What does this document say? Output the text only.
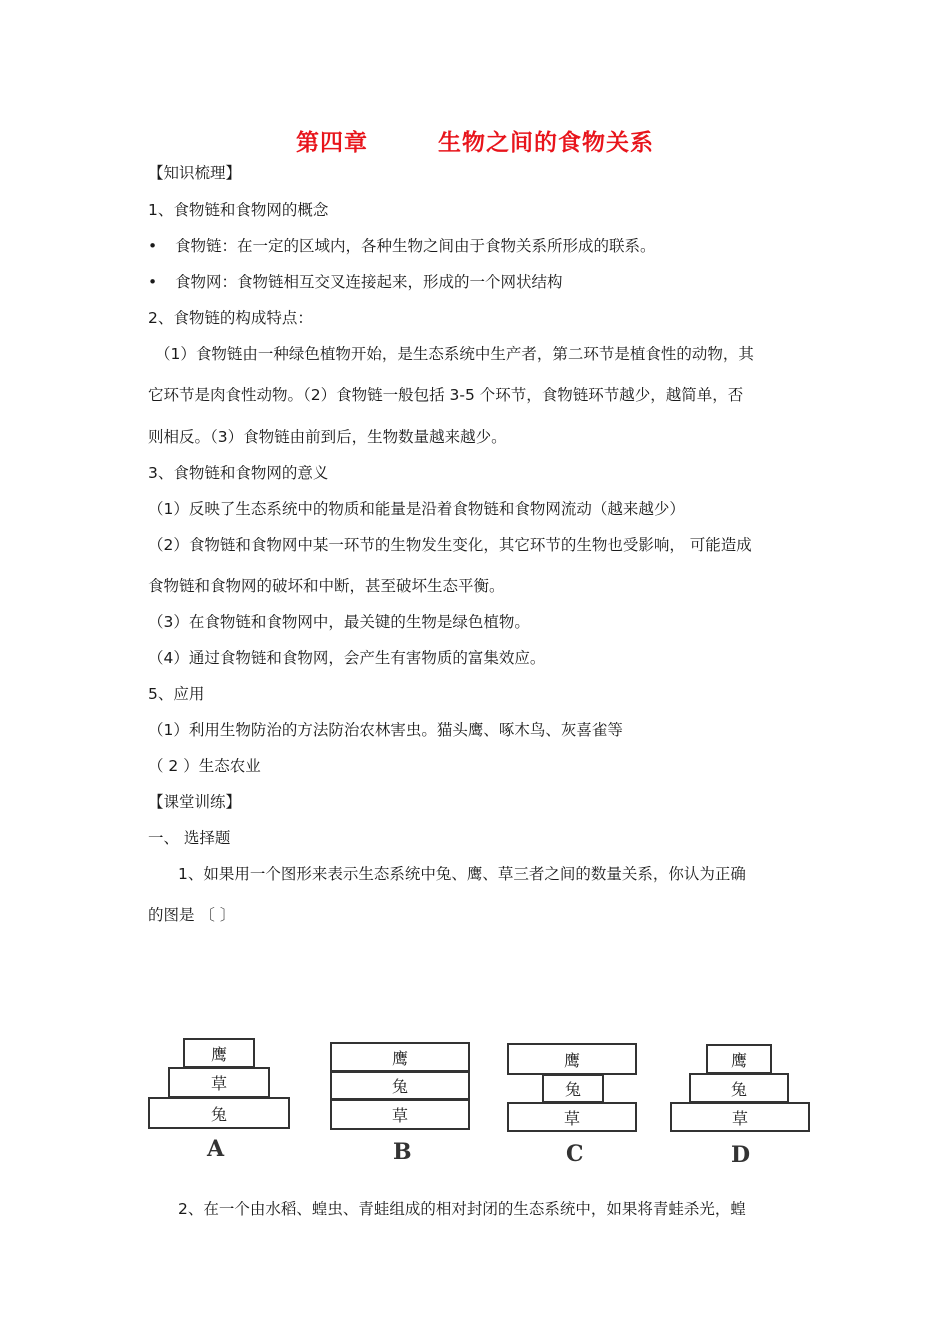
第四章	生物之间的食物关系
【知识梳理】
1、食物链和食物网的概念
• 食物链：在一定的区域内，各种生物之间由于食物关系所形成的联系。
• 食物网：食物链相互交叉连接起来，形成的一个网状结构
2、食物链的构成特点：
（1）食物链由一种绿色植物开始，是生态系统中生产者，第二环节是植食性的动物，其
它环节是肉食性动物。（2）食物链一般包括 3-5 个环节，食物链环节越少，越简单，否
则相反。（3）食物链由前到后，生物数量越来越少。
3、食物链和食物网的意义
（1）反映了生态系统中的物质和能量是沿着食物链和食物网流动（越来越少）
（2）食物链和食物网中某一环节的生物发生变化，其它环节的生物也受影响， 可能造成
食物链和食物网的破坏和中断，甚至破坏生态平衡。
（3）在食物链和食物网中，最关键的生物是绿色植物。
（4）通过食物链和食物网，会产生有害物质的富集效应。
5、应用
（1）利用生物防治的方法防治农林害虫。猫头鹰、啄木鸟、灰喜雀等
（ 2 ）生态农业
【课堂训练】
一、 选择题
1、如果用一个图形来表示生态系统中兔、鹰、草三者之间的数量关系，你认为正确
的图是 〔 〕
鹰
草
兔
A
鹰
兔
草
B
鹰
兔
草
C
鹰
兔
草
D
2、在一个由水稻、蝗虫、青蛙组成的相对封闭的生态系统中，如果将青蛙杀光，蝗
